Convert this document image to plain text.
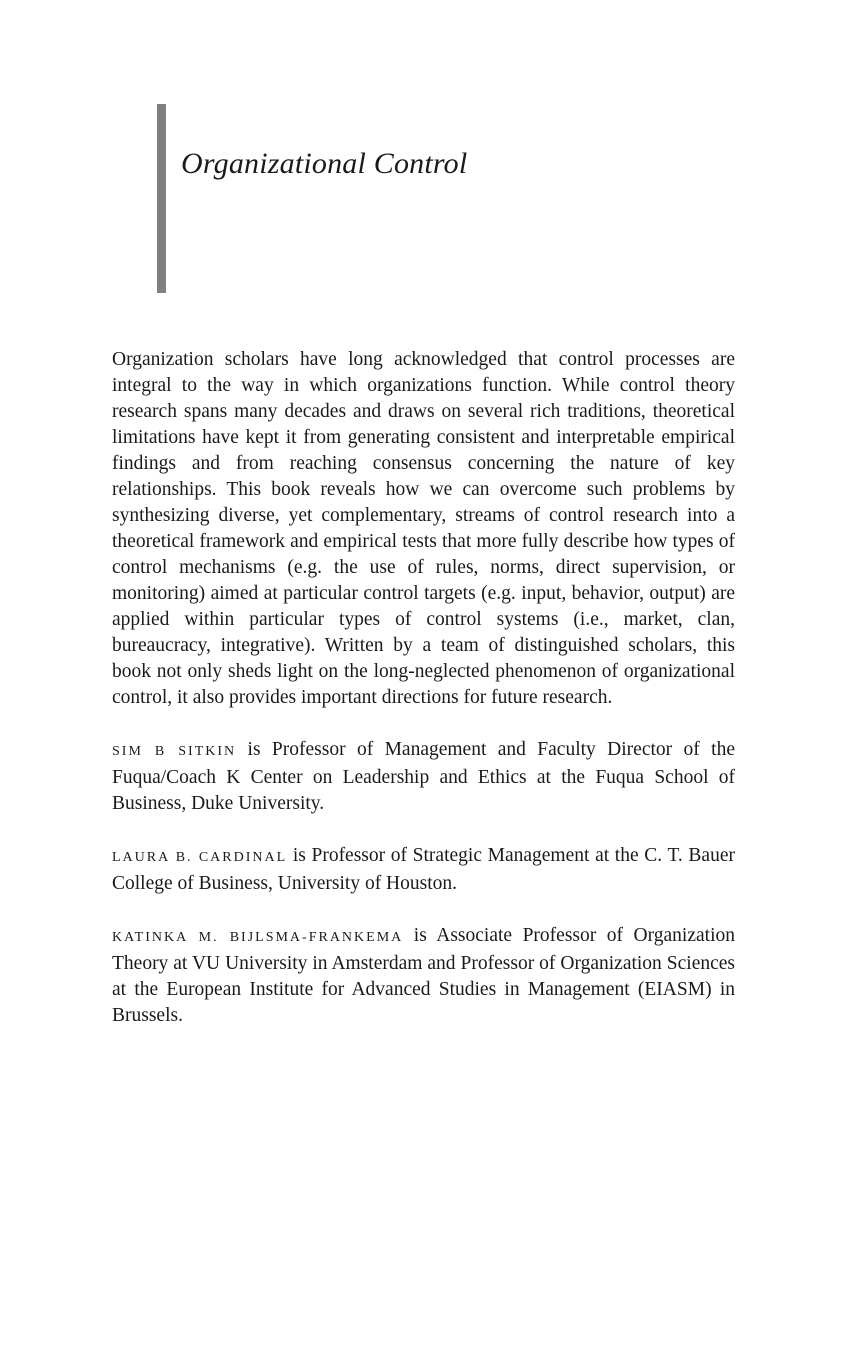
Organizational Control

Organization scholars have long acknowledged that control processes are integral to the way in which organizations function. While control theory research spans many decades and draws on several rich traditions, theoretical limitations have kept it from generating consistent and interpretable empirical findings and from reaching consensus concerning the nature of key relationships. This book reveals how we can overcome such problems by synthesizing diverse, yet complementary, streams of control research into a theoretical framework and empirical tests that more fully describe how types of control mechanisms (e.g. the use of rules, norms, direct supervision, or monitoring) aimed at particular control targets (e.g. input, behavior, output) are applied within particular types of control systems (i.e., market, clan, bureaucracy, integrative). Written by a team of distinguished scholars, this book not only sheds light on the long-neglected phenomenon of organizational control, it also provides important directions for future research.

SIM B SITKIN is Professor of Management and Faculty Director of the Fuqua/Coach K Center on Leadership and Ethics at the Fuqua School of Business, Duke University.

LAURA B. CARDINAL is Professor of Strategic Management at the C. T. Bauer College of Business, University of Houston.

KATINKA M. BIJLSMA-FRANKEMA is Associate Professor of Organization Theory at VU University in Amsterdam and Professor of Organization Sciences at the European Institute for Advanced Studies in Management (EIASM) in Brussels.
